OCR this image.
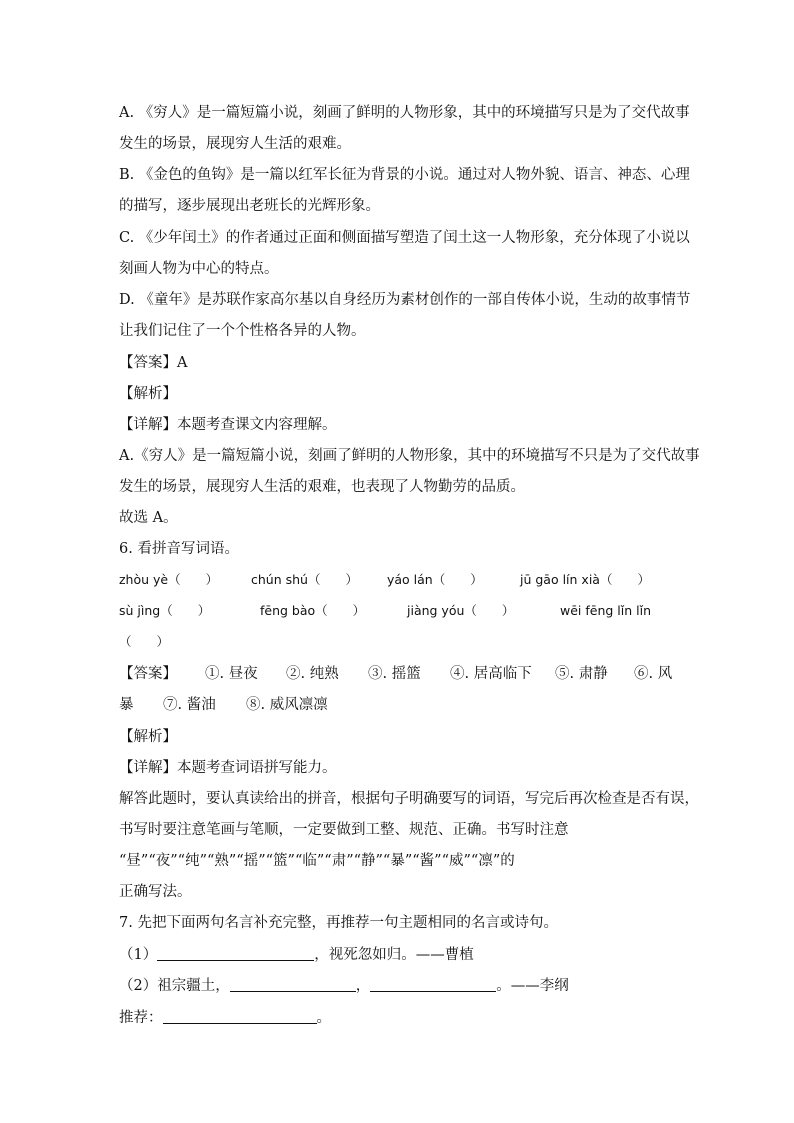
A. 《穷人》是一篇短篇小说，刻画了鲜明的人物形象，其中的环境描写只是为了交代故事
发生的场景，展现穷人生活的艰难。
B. 《金色的鱼钩》是一篇以红军长征为背景的小说。通过对人物外貌、语言、神态、心理
的描写，逐步展现出老班长的光辉形象。
C. 《少年闰土》的作者通过正面和侧面描写塑造了闰土这一人物形象，充分体现了小说以
刻画人物为中心的特点。
D. 《童年》是苏联作家高尔基以自身经历为素材创作的一部自传体小说，生动的故事情节
让我们记住了一个个性格各异的人物。
【答案】A
【解析】
【详解】本题考查课文内容理解。
A.《穷人》是一篇短篇小说，刻画了鲜明的人物形象，其中的环境描写不只是为了交代故事
发生的场景，展现穷人生活的艰难，也表现了人物勤劳的品质。
故选 A。
6. 看拼音写词语。
zhòu yè（　　）	chún shú（　　） yáo lán（　　）	jū gāo lín xià（　　）
sù jìng（　　）	fēng bào（　　）	jiàng yóu（　　）	wēi fēng lǐn lǐn
（　　）
【答案】 ①. 昼夜 ②. 纯熟 ③. 摇篮 ④. 居高临下 ⑤. 肃静 ⑥. 风
暴 ⑦. 酱油 ⑧. 威风凛凛
【解析】
【详解】本题考查词语拼写能力。
解答此题时，要认真读给出的拼音，根据句子明确要写的词语，写完后再次检查是否有误，
书写时要注意笔画与笔顺，一定要做到工整、规范、正确。书写时注意
“昼”“夜”“纯”“熟”“摇”“篮”“临”“肃”“静”“暴”“酱”“威”“凛”的
正确写法。
7. 先把下面两句名言补充完整，再推荐一句主题相同的名言或诗句。
（1）	，视死忽如归。——曹植
（2）祖宗疆土，	，	。——李纲
推荐：	。
